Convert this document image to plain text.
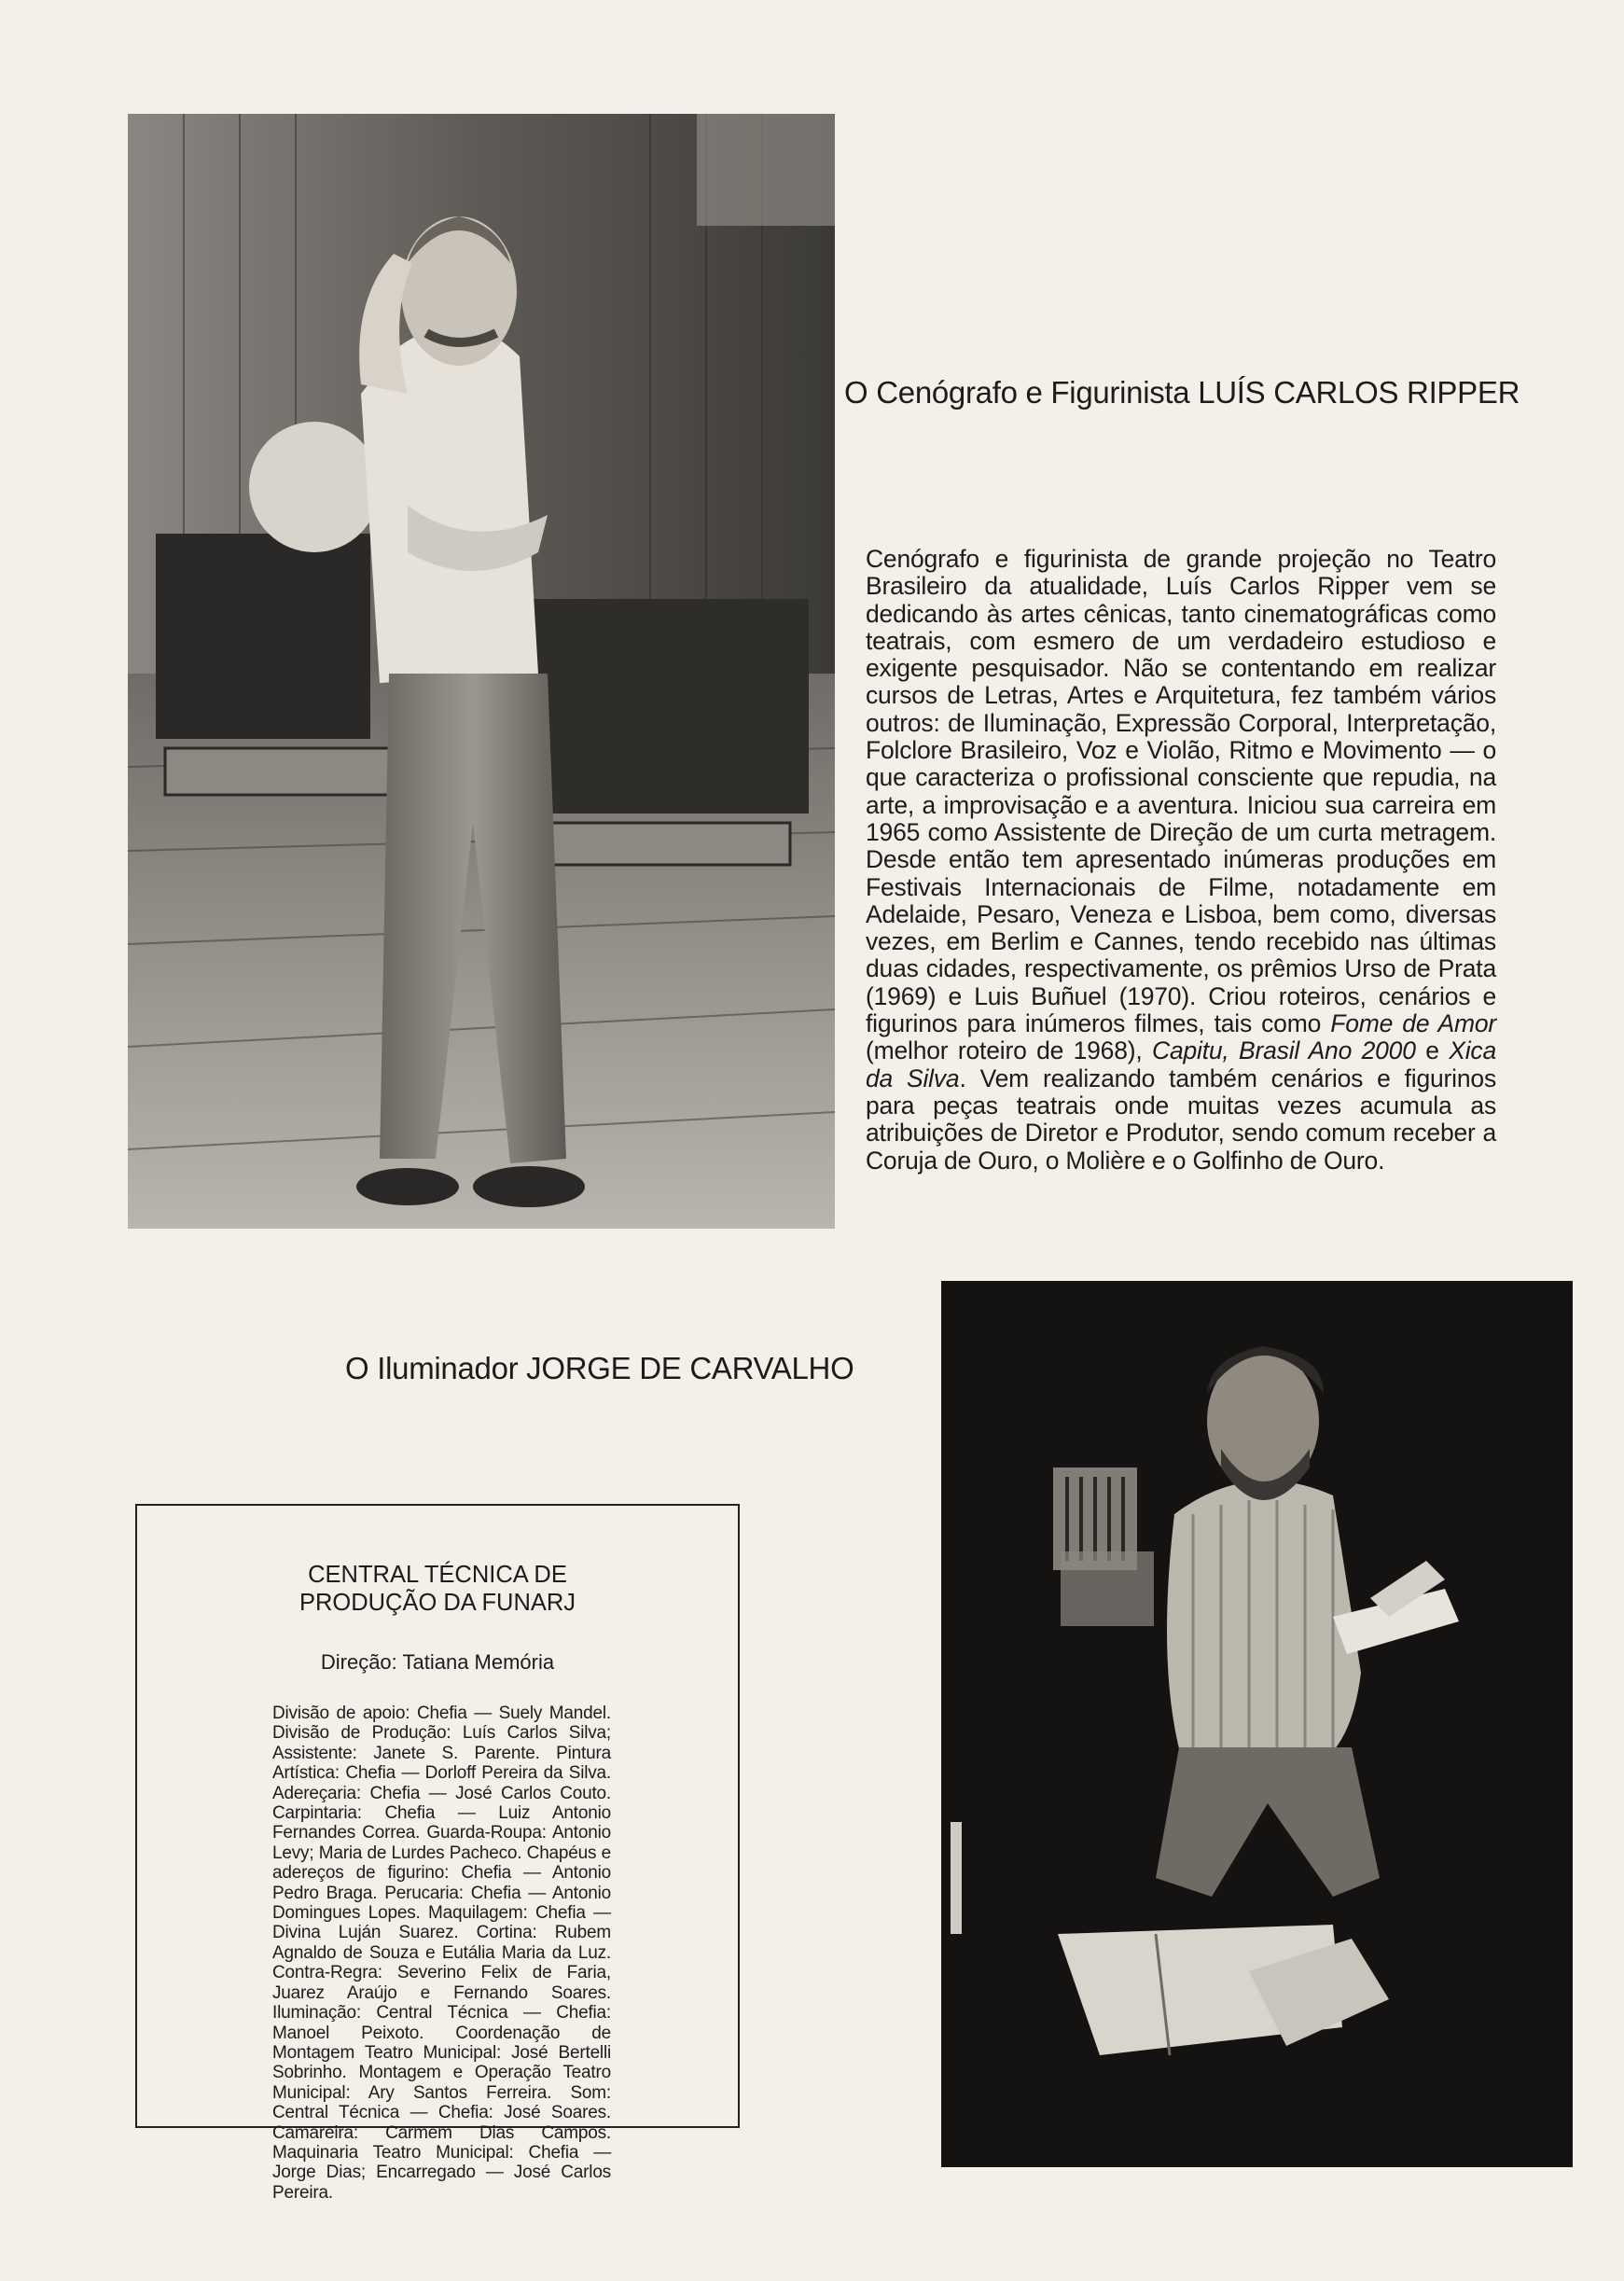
O Cenógrafo e Figurinista LUÍS CARLOS RIPPER

Cenógrafo e figurinista de grande projeção no Teatro Brasileiro da atualidade, Luís Carlos Ripper vem se dedicando às artes cênicas, tanto cinematográficas como teatrais, com esmero de um verdadeiro estudioso e exigente pesquisador. Não se contentando em realizar cursos de Letras, Artes e Arquitetura, fez também vários outros: de Iluminação, Expressão Corporal, Interpretação, Folclore Brasileiro, Voz e Violão, Ritmo e Movimento — o que caracteriza o profissional consciente que repudia, na arte, a improvisação e a aventura. Iniciou sua carreira em 1965 como Assistente de Direção de um curta metragem. Desde então tem apresentado inúmeras produções em Festivais Internacionais de Filme, notadamente em Adelaide, Pesaro, Veneza e Lisboa, bem como, diversas vezes, em Berlim e Cannes, tendo recebido nas últimas duas cidades, respectivamente, os prêmios Urso de Prata (1969) e Luis Buñuel (1970). Criou roteiros, cenários e figurinos para inúmeros filmes, tais como Fome de Amor (melhor roteiro de 1968), Capitu, Brasil Ano 2000 e Xica da Silva. Vem realizando também cenários e figurinos para peças teatrais onde muitas vezes acumula as atribuições de Diretor e Produtor, sendo comum receber a Coruja de Ouro, o Molière e o Golfinho de Ouro.

O Iluminador JORGE DE CARVALHO
CENTRAL TÉCNICA DE
PRODUÇÃO DA FUNARJ

Direção: Tatiana Memória

Divisão de apoio: Chefia — Suely Mandel. Divisão de Produção: Luís Carlos Silva; Assistente: Janete S. Parente. Pintura Artística: Chefia — Dorloff Pereira da Silva. Adereçaria: Chefia — José Carlos Couto. Carpintaria: Chefia — Luiz Antonio Fernandes Correa. Guarda-Roupa: Antonio Levy; Maria de Lurdes Pacheco. Chapéus e adereços de figurino: Chefia — Antonio Pedro Braga. Perucaria: Chefia — Antonio Domingues Lopes. Maquilagem: Chefia — Divina Luján Suarez. Cortina: Rubem Agnaldo de Souza e Eutália Maria da Luz. Contra-Regra: Severino Felix de Faria, Juarez Araújo e Fernando Soares. Iluminação: Central Técnica — Chefia: Manoel Peixoto. Coordenação de Montagem Teatro Municipal: José Bertelli Sobrinho. Montagem e Operação Teatro Municipal: Ary Santos Ferreira. Som: Central Técnica — Chefia: José Soares. Camareira: Carmem Dias Campos. Maquinaria Teatro Municipal: Chefia — Jorge Dias; Encarregado — José Carlos Pereira.
